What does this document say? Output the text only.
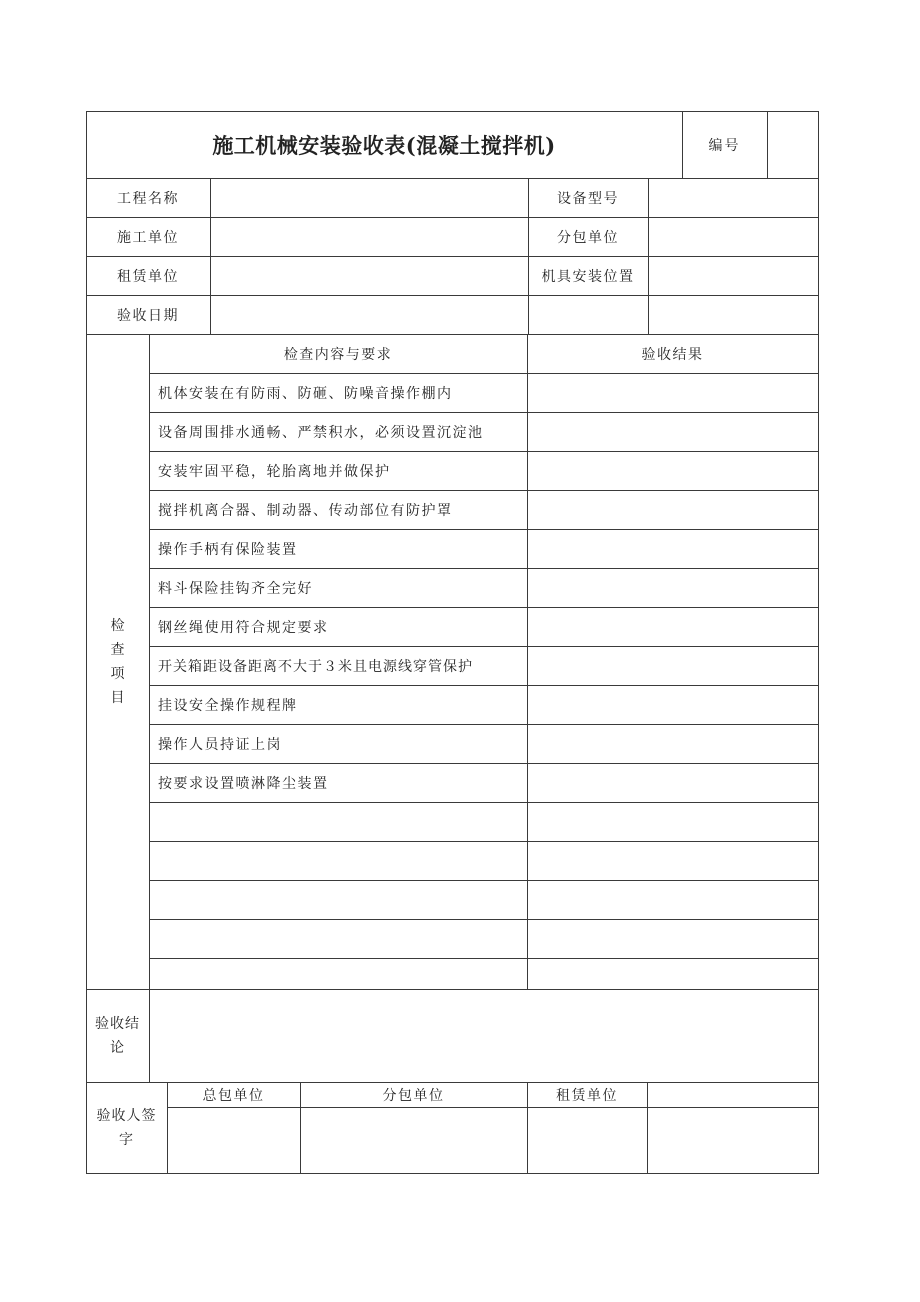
施工机械安装验收表(混凝土搅拌机)	编号
工程名称	设备型号
施工单位	分包单位
租赁单位	机具安装位置
验收日期
检
查
项
目
检查内容与要求	验收结果
机体安装在有防雨、防砸、防噪音操作棚内
设备周围排水通畅、严禁积水，必须设置沉淀池
安装牢固平稳，轮胎离地并做保护
搅拌机离合器、制动器、传动部位有防护罩
操作手柄有保险装置
料斗保险挂钩齐全完好
钢丝绳使用符合规定要求
开关箱距设备距离不大于３米且电源线穿管保护
挂设安全操作规程牌
操作人员持证上岗
按要求设置喷淋降尘装置
验收结
论
验收人签
字
总包单位	分包单位	租赁单位
